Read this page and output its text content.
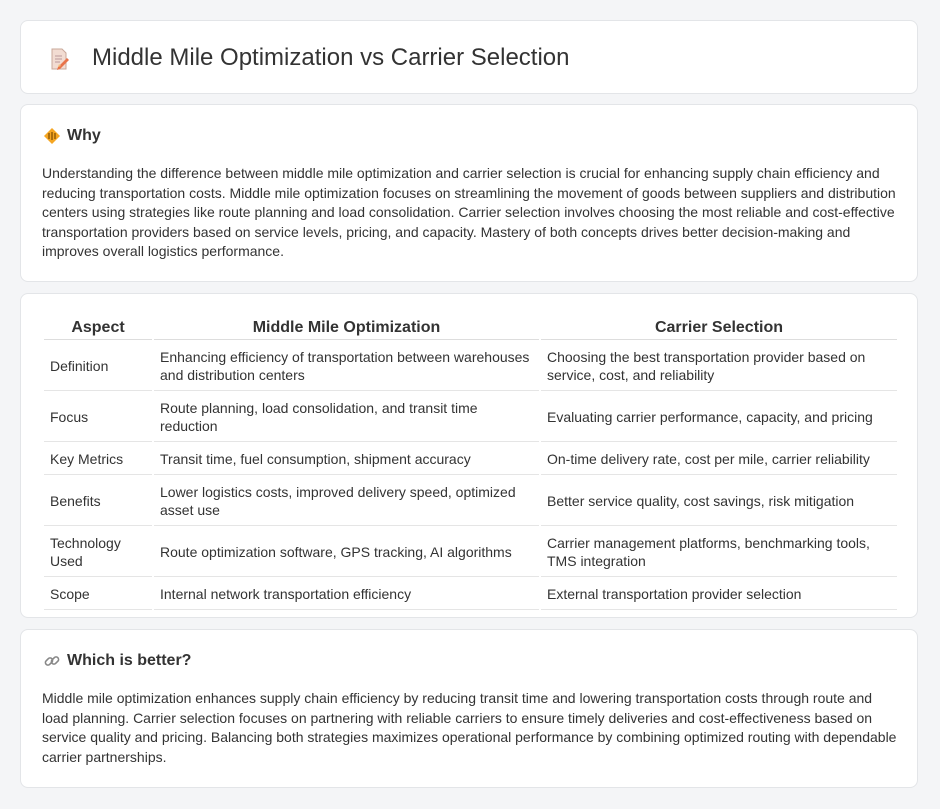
Middle Mile Optimization vs Carrier Selection
Why

Understanding the difference between middle mile optimization and carrier selection is crucial for enhancing supply chain efficiency and reducing transportation costs. Middle mile optimization focuses on streamlining the movement of goods between suppliers and distribution centers using strategies like route planning and load consolidation. Carrier selection involves choosing the most reliable and cost-effective transportation providers based on service levels, pricing, and capacity. Mastery of both concepts drives better decision-making and improves overall logistics performance.

Aspect	Middle Mile Optimization	Carrier Selection
Definition	Enhancing efficiency of transportation between warehouses and distribution centers	Choosing the best transportation provider based on service, cost, and reliability
Focus	Route planning, load consolidation, and transit time reduction	Evaluating carrier performance, capacity, and pricing
Key Metrics	Transit time, fuel consumption, shipment accuracy	On-time delivery rate, cost per mile, carrier reliability
Benefits	Lower logistics costs, improved delivery speed, optimized asset use	Better service quality, cost savings, risk mitigation
Technology Used	Route optimization software, GPS tracking, AI algorithms	Carrier management platforms, benchmarking tools, TMS integration
Scope	Internal network transportation efficiency	External transportation provider selection
Which is better?

Middle mile optimization enhances supply chain efficiency by reducing transit time and lowering transportation costs through route and load planning. Carrier selection focuses on partnering with reliable carriers to ensure timely deliveries and cost-effectiveness based on service quality and pricing. Balancing both strategies maximizes operational performance by combining optimized routing with dependable carrier partnerships.
